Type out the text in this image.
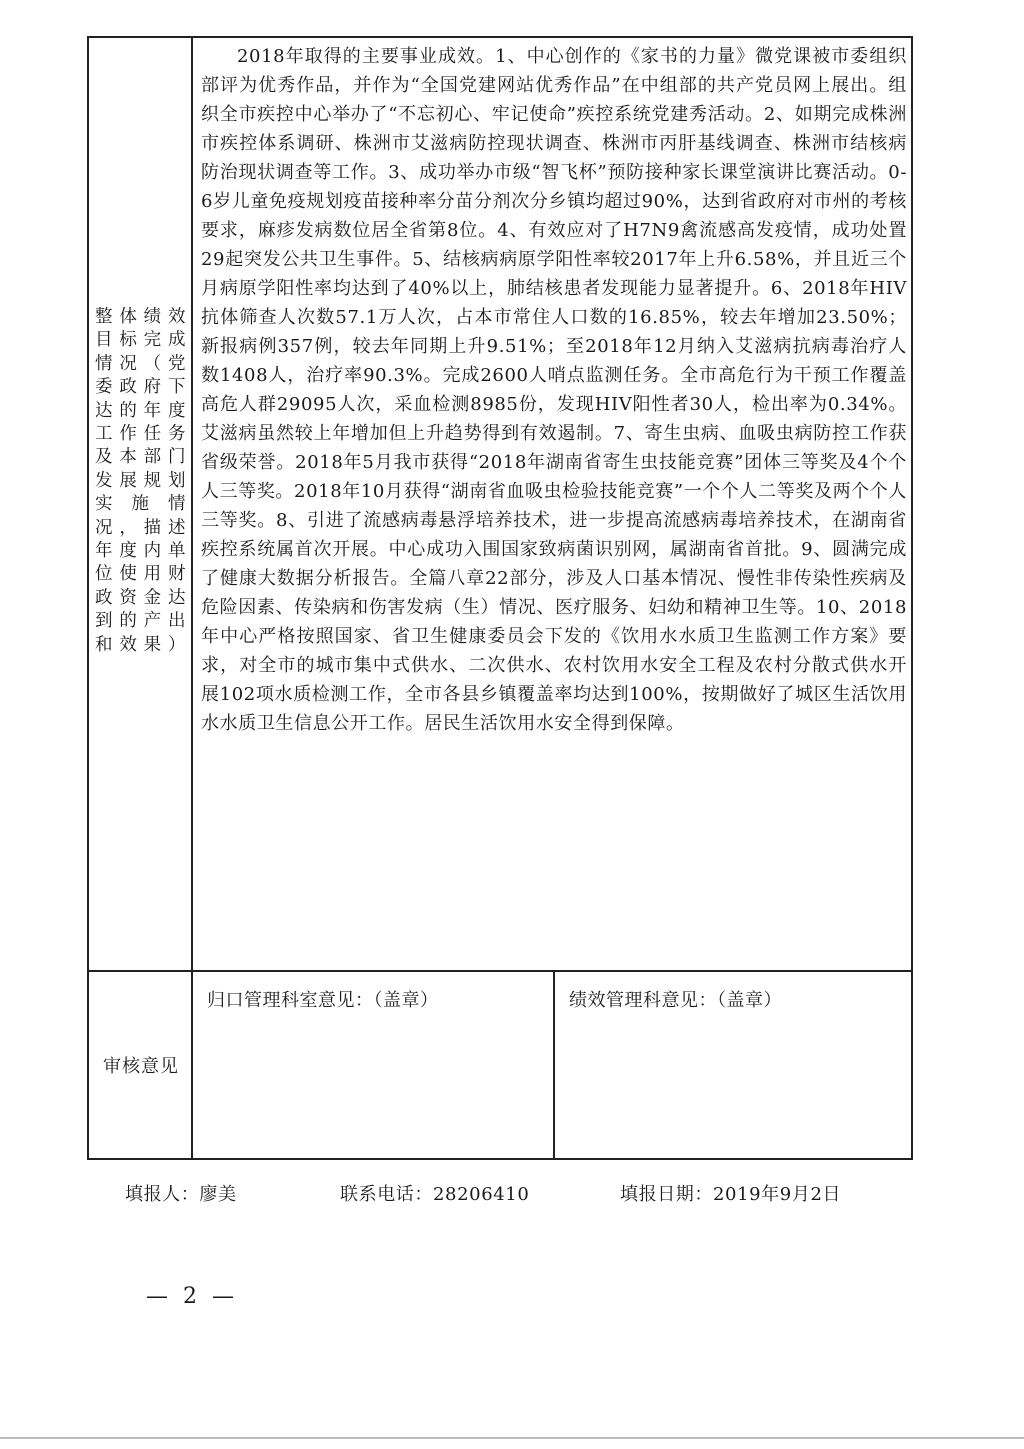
整体绩效目标完成情况（党委政府下达的年度工作任务及本部门发展规划实施情况，描述年度内单位使用财政资金达到的产出和效果）

2018年取得的主要事业成效。1、中心创作的《家书的力量》微党课被市委组织部评为优秀作品，并作为“全国党建网站优秀作品”在中组部的共产党员网上展出。组织全市疾控中心举办了“不忘初心、牢记使命”疾控系统党建秀活动。2、如期完成株洲市疾控体系调研、株洲市艾滋病防控现状调查、株洲市丙肝基线调查、株洲市结核病防治现状调查等工作。3、成功举办市级“智飞杯”预防接种家长课堂演讲比赛活动。0-6岁儿童免疫规划疫苗接种率分苗分剂次分乡镇均超过90%，达到省政府对市州的考核要求，麻疹发病数位居全省第8位。4、有效应对了H7N9禽流感高发疫情，成功处置29起突发公共卫生事件。5、结核病病原学阳性率较2017年上升6.58%，并且近三个月病原学阳性率均达到了40%以上，肺结核患者发现能力显著提升。6、2018年HIV抗体筛查人次数57.1万人次，占本市常住人口数的16.85%，较去年增加23.50%；新报病例357例，较去年同期上升9.51%；至2018年12月纳入艾滋病抗病毒治疗人数1408人，治疗率90.3%。完成2600人哨点监测任务。全市高危行为干预工作覆盖高危人群29095人次，采血检测8985份，发现HIV阳性者30人，检出率为0.34%。艾滋病虽然较上年增加但上升趋势得到有效遏制。7、寄生虫病、血吸虫病防控工作获省级荣誉。2018年5月我市获得“2018年湖南省寄生虫技能竞赛”团体三等奖及4个个人三等奖。2018年10月获得“湖南省血吸虫检验技能竞赛”一个个人二等奖及两个个人三等奖。8、引进了流感病毒悬浮培养技术，进一步提高流感病毒培养技术，在湖南省疾控系统属首次开展。中心成功入围国家致病菌识别网，属湖南省首批。9、圆满完成了健康大数据分析报告。全篇八章22部分，涉及人口基本情况、慢性非传染性疾病及危险因素、传染病和伤害发病（生）情况、医疗服务、妇幼和精神卫生等。10、2018年中心严格按照国家、省卫生健康委员会下发的《饮用水水质卫生监测工作方案》要求，对全市的城市集中式供水、二次供水、农村饮用水安全工程及农村分散式供水开展102项水质检测工作，全市各县乡镇覆盖率均达到100%，按期做好了城区生活饮用水水质卫生信息公开工作。居民生活饮用水安全得到保障。

审核意见
归口管理科室意见：（盖章）	绩效管理科意见：（盖章）
填报人：廖美	联系电话：28206410	填报日期：2019年9月2日
— 2 —
